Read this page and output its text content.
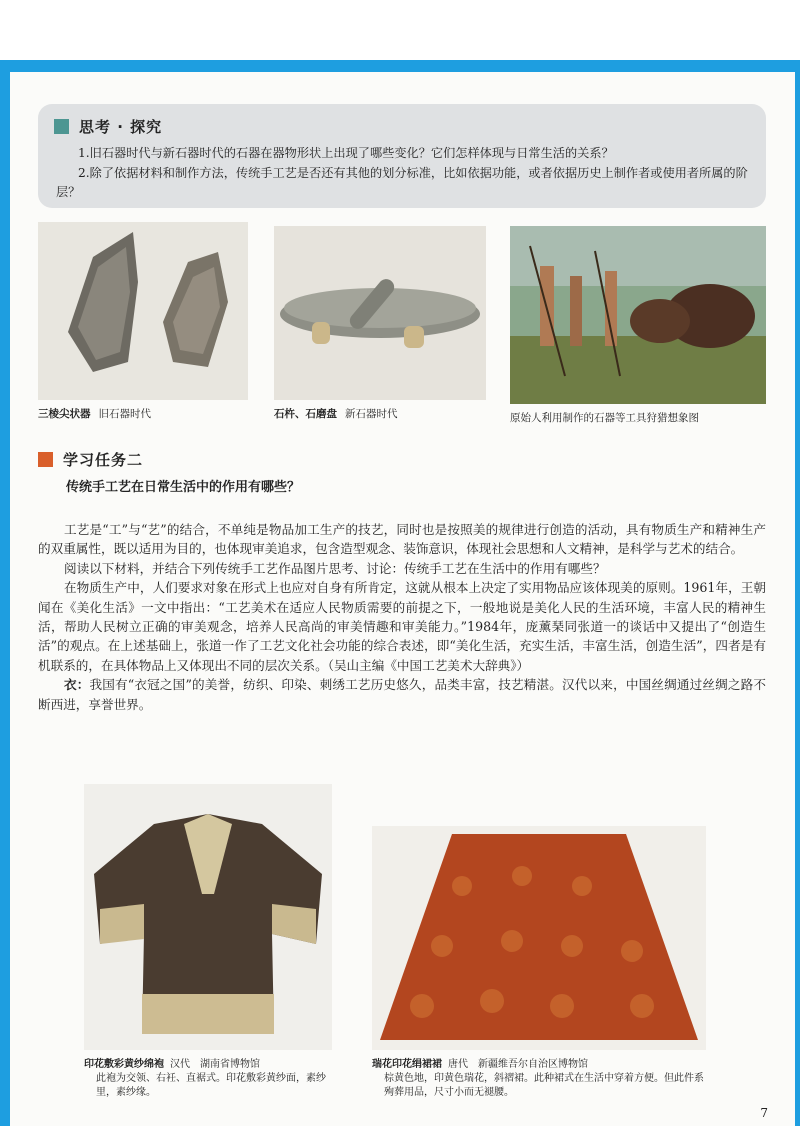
思考 · 探究
1.旧石器时代与新石器时代的石器在器物形状上出现了哪些变化？它们怎样体现与日常生活的关系？
2.除了依据材料和制作方法，传统手工艺是否还有其他的划分标准，比如依据功能，或者依据历史上制作者或使用者所属的阶层？
三棱尖状器 旧石器时代	石杵、石磨盘 新石器时代	原始人利用制作的石器等工具狩猎想象图
学习任务二
传统手工艺在日常生活中的作用有哪些？

工艺是“工”与“艺”的结合，不单纯是物品加工生产的技艺，同时也是按照美的规律进行创造的活动，具有物质生产和精神生产的双重属性，既以适用为目的，也体现审美追求，包含造型观念、装饰意识，体现社会思想和人文精神，是科学与艺术的结合。

阅读以下材料，并结合下列传统手工艺作品图片思考、讨论：传统手工艺在生活中的作用有哪些？

在物质生产中，人们要求对象在形式上也应对自身有所肯定，这就从根本上决定了实用物品应该体现美的原则。1961年，王朝闻在《美化生活》一文中指出：“工艺美术在适应人民物质需要的前提之下，一般地说是美化人民的生活环境，丰富人民的精神生活，帮助人民树立正确的审美观念，培养人民高尚的审美情趣和审美能力。”1984年，庞薰琹同张道一的谈话中又提出了“创造生活”的观点。在上述基础上，张道一作了工艺文化社会功能的综合表述，即“美化生活，充实生活，丰富生活，创造生活”，四者是有机联系的，在具体物品上又体现出不同的层次关系。（吴山主编《中国工艺美术大辞典》）

衣：我国有“衣冠之国”的美誉，纺织、印染、刺绣工艺历史悠久，品类丰富，技艺精湛。汉代以来，中国丝绸通过丝绸之路不断西进，享誉世界。

印花敷彩黄纱绵袍 汉代　湖南省博物馆
此袍为交领、右衽、直裾式。印花敷彩黄纱面，素纱里，素纱缘。
瑞花印花绢裙裙 唐代　新疆维吾尔自治区博物馆
棕黄色地，印黄色瑞花，斜褶裙。此种裙式在生活中穿着方便。但此件系殉葬用品，尺寸小而无褪腰。
7
